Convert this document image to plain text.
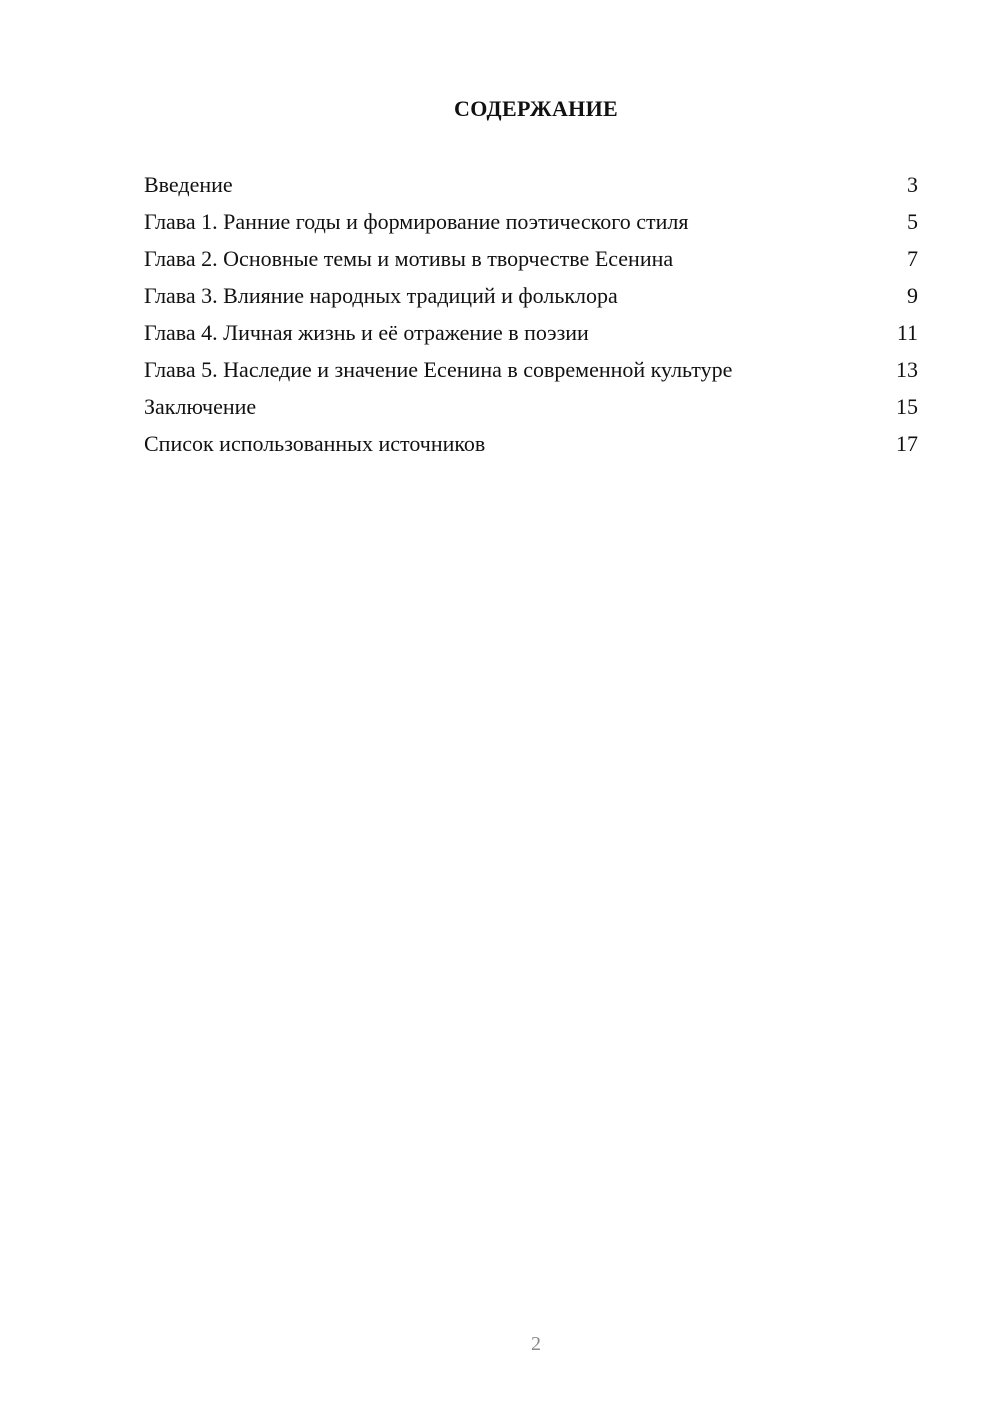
СОДЕРЖАНИЕ
Введение	3
Глава 1. Ранние годы и формирование поэтического стиля	5
Глава 2. Основные темы и мотивы в творчестве Есенина	7
Глава 3. Влияние народных традиций и фольклора	9
Глава 4. Личная жизнь и её отражение в поэзии	11
Глава 5. Наследие и значение Есенина в современной культуре	13
Заключение	15
Список использованных источников	17
2
